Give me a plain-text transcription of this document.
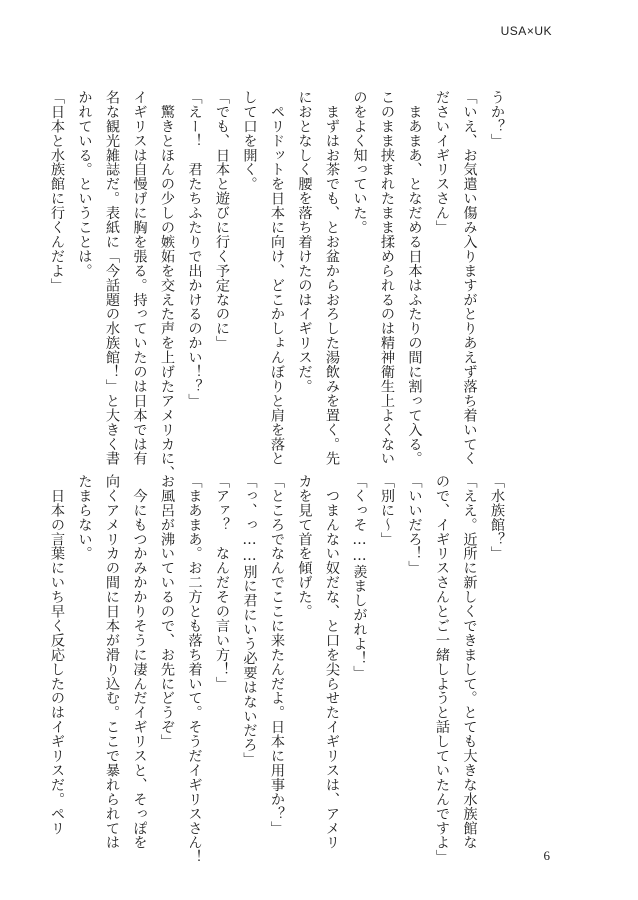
USA×UK
うか？」
「いえ、お気遣い傷み入りますがとりあえず落ち着いてく
ださいイギリスさん」
　まあまあ、となだめる日本はふたりの間に割って入る。
このまま挟まれたまま揉められるのは精神衛生上よくない
のをよく知っていた。
　まずはお茶でも、とお盆からおろした湯飲みを置く。先
におとなしく腰を落ち着けたのはイギリスだ。
　ペリドットを日本に向け、どこかしょんぼりと肩を落と
して口を開く。
「でも、日本と遊びに行く予定なのに」
「えー！　君たちふたりで出かけるのかい！？」
　驚きとほんの少しの嫉妬を交えた声を上げたアメリカに、
イギリスは自慢げに胸を張る。持っていたのは日本では有
名な観光雑誌だ。表紙に「今話題の水族館！」と大きく書
かれている。ということは。
「日本と水族館に行くんだよ」
「水族館？」
「ええ。近所に新しくできまして。とても大きな水族館な
ので、イギリスさんとご一緒しようと話していたんですよ」
「いいだろ！」
「別に〜」
「くっそ……羨ましがれよ！」
　つまんない奴だな、と口を尖らせたイギリスは、アメリ
カを見て首を傾げた。
「ところでなんでここに来たんだよ。日本に用事か？」
「っ、っ……別に君にいう必要はないだろ」
「アァ？　なんだその言い方！」
「まあまあ。お二方とも落ち着いて。そうだイギリスさん！
お風呂が沸いているので、お先にどうぞ」
　今にもつかみかかりそうに凄んだイギリスと、そっぽを
向くアメリカの間に日本が滑り込む。ここで暴れられては
たまらない。
　日本の言葉にいち早く反応したのはイギリスだ。ペリ
6
